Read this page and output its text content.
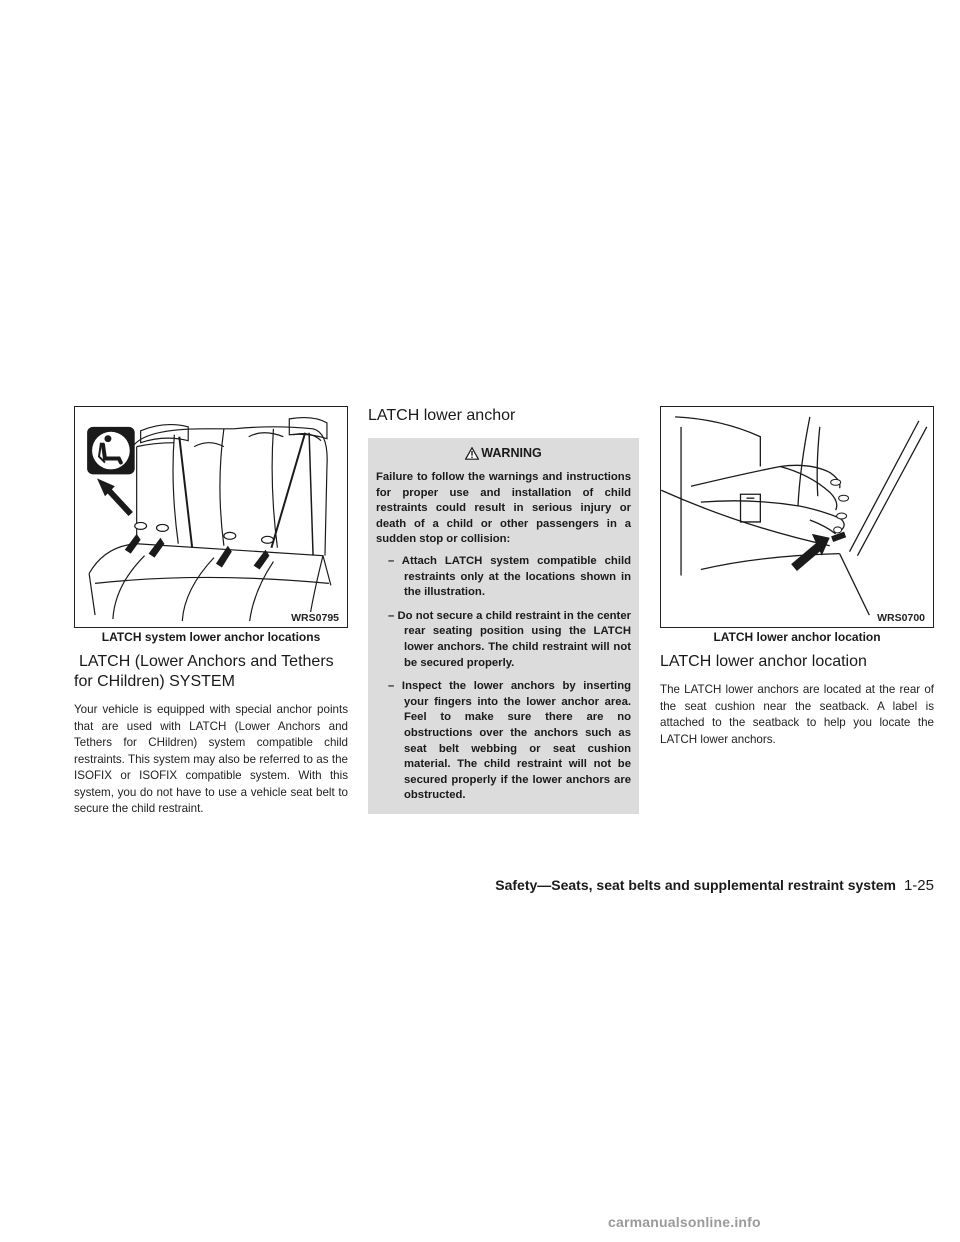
WRS0795
LATCH system lower anchor locations
LATCH (Lower Anchors and Tethers for CHildren) SYSTEM

Your vehicle is equipped with special anchor points that are used with LATCH (Lower Anchors and Tethers for CHildren) system compatible child restraints. This system may also be referred to as the ISOFIX or ISOFIX compatible system. With this system, you do not have to use a vehicle seat belt to secure the child restraint.

LATCH lower anchor
WARNING

Failure to follow the warnings and instructions for proper use and installation of child restraints could result in serious injury or death of a child or other passengers in a sudden stop or collision:

– Attach LATCH system compatible child restraints only at the locations shown in the illustration.
– Do not secure a child restraint in the center rear seating position using the LATCH lower anchors. The child restraint will not be secured properly.
– Inspect the lower anchors by inserting your fingers into the lower anchor area. Feel to make sure there are no obstructions over the anchors such as seat belt webbing or seat cushion material. The child restraint will not be secured properly if the lower anchors are obstructed.
WRS0700
LATCH lower anchor location
LATCH lower anchor location

The LATCH lower anchors are located at the rear of the seat cushion near the seatback. A label is attached to the seatback to help you locate the LATCH lower anchors.

Safety—Seats, seat belts and supplemental restraint system 1-25
carmanualsonline.info
